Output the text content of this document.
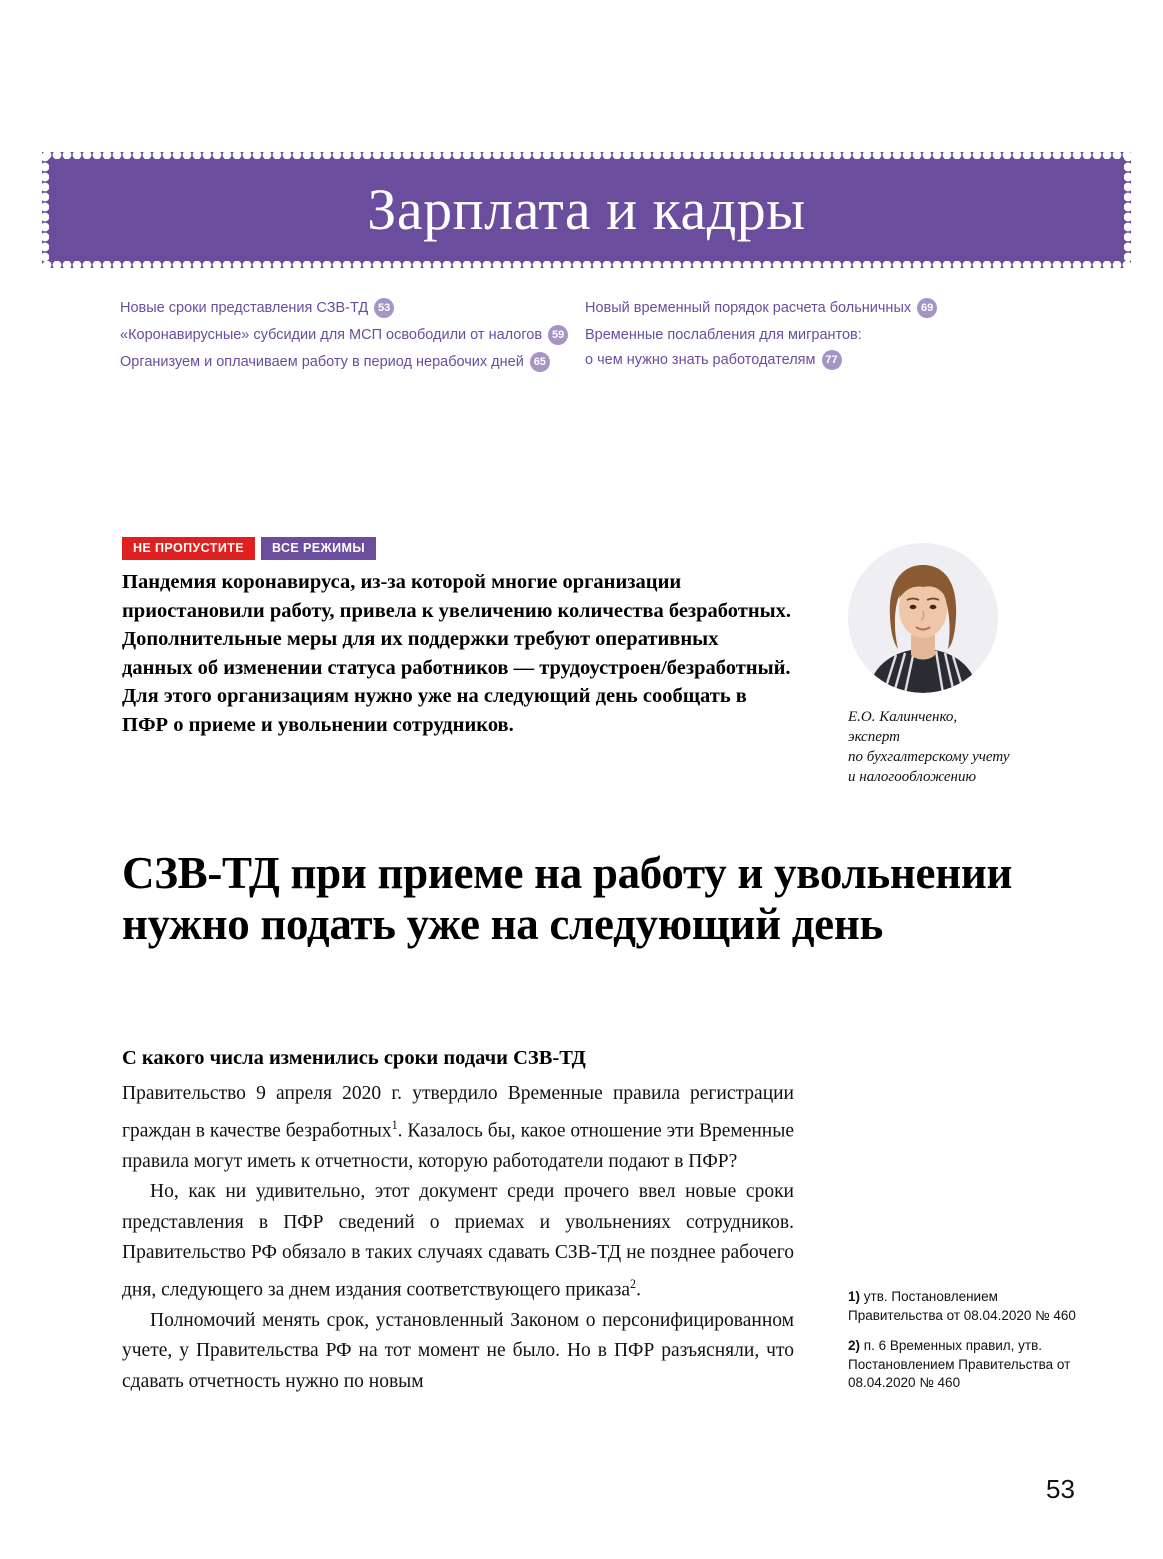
Зарплата и кадры
Новые сроки представления СЗВ-ТД 53
«Коронавирусные» субсидии для МСП освободили от налогов 59
Организуем и оплачиваем работу в период нерабочих дней 65
Новый временный порядок расчета больничных 69
Временные послабления для мигрантов:
о чем нужно знать работодателям 77
НЕ ПРОПУСТИТЕ	ВСЕ РЕЖИМЫ
Пандемия коронавируса, из-за которой многие организации приостановили работу, привела к увеличению количества безработных. Дополнительные меры для их поддержки требуют оперативных данных об изменении статуса работников — трудоустроен/безработный. Для этого организациям нужно уже на следующий день сообщать в ПФР о приеме и увольнении сотрудников.	Е.О. Калинченко,
эксперт
по бухгалтерскому учету
и налогообложению
СЗВ-ТД при приеме на работу и увольнении нужно подать уже на следующий день
С какого числа изменились сроки подачи СЗВ-ТД

Правительство 9 апреля 2020 г. утвердило Временные правила регистрации граждан в качестве безработных$^1$. Казалось бы, какое отношение эти Временные правила могут иметь к отчетности, которую работодатели подают в ПФР?

Но, как ни удивительно, этот документ среди прочего ввел новые сроки представления в ПФР сведений о приемах и увольнениях сотрудников. Правительство РФ обязало в таких случаях сдавать СЗВ-ТД не позднее рабочего дня, следующего за днем издания соответствующего приказа$^2$.

Полномочий менять срок, установленный Законом о персонифицированном учете, у Правительства РФ на тот момент не было. Но в ПФР разъясняли, что сдавать отчетность нужно по новым

1) утв. Постановлением Правительства от 08.04.2020 № 460
2) п. 6 Временных правил, утв. Постановлением Правительства от 08.04.2020 № 460
53
